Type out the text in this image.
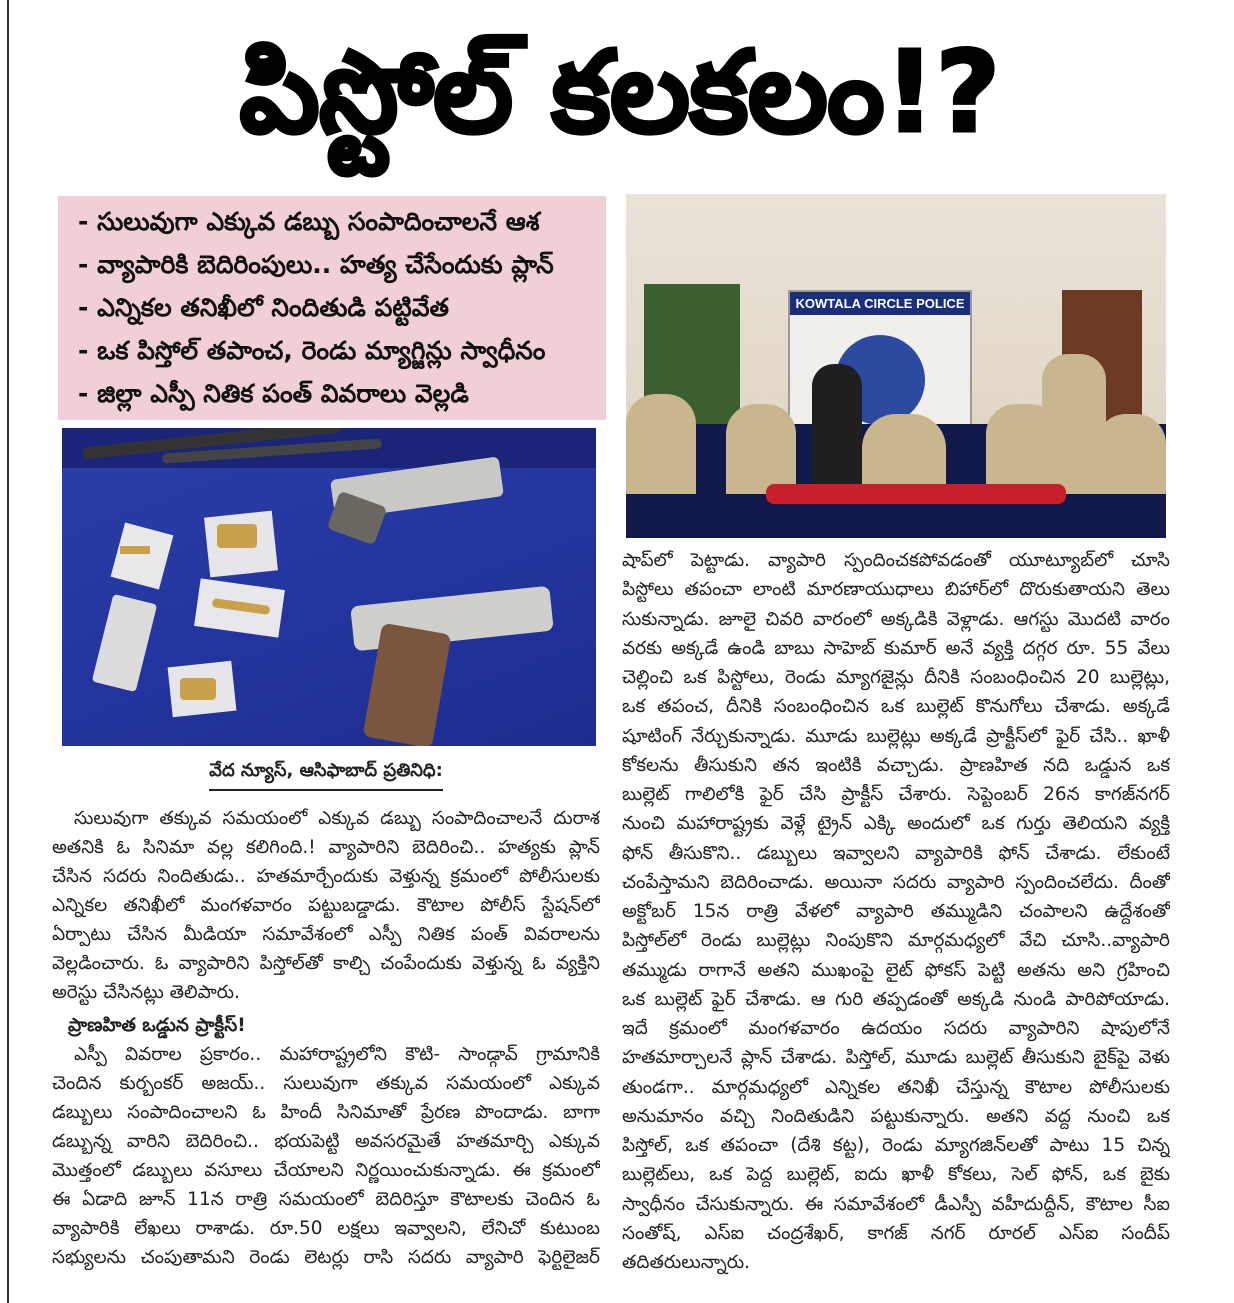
పిస్టోల్ కలకలం!?
- సులువుగా ఎక్కువ డబ్బు సంపాదించాలనే ఆశ
- వ్యాపారికి బెదిరింపులు.. హత్య చేసేందుకు ప్లాన్
- ఎన్నికల తనిఖీలో నిందితుడి పట్టివేత
- ఒక పిస్తోల్ తపాంచ, రెండు మ్యాగ్జిన్లు స్వాధీనం
- జిల్లా ఎస్పీ నితిక పంత్ వివరాలు వెల్లడి
KOWTALA CIRCLE POLICE
వేద న్యూస్, ఆసిఫాబాద్ ప్రతినిధి:
సులువుగా తక్కువ సమయంలో ఎక్కువ డబ్బు సంపాదించాలనే దురాశ
అతనికి ఓ సినిమా వల్ల కలిగింది.! వ్యాపారిని బెదిరించి.. హత్యకు ప్లాన్
చేసిన సదరు నిందితుడు.. హతమార్చేందుకు వెళ్తున్న క్రమంలో పోలీసులకు
ఎన్నికల తనిఖీలో మంగళవారం పట్టుబడ్డాడు. కౌటాల పోలీస్ స్టేషన్‌లో
ఏర్పాటు చేసిన మీడియా సమావేశంలో ఎస్పీ నితిక పంత్ వివరాలను
వెల్లడించారు. ఓ వ్యాపారిని పిస్తోల్‌తో కాల్చి చంపేందుకు వెళ్తున్న ఓ వ్యక్తిని
అరెస్టు చేసినట్లు తెలిపారు.
ప్రాణహిత ఒడ్డున ప్రాక్టీస్!
ఎస్పీ వివరాల ప్రకారం.. మహారాష్ట్రలోని కౌటి- సాండ్గావ్ గ్రామానికి
చెందిన కుర్బంకర్ అజయ్.. సులువుగా తక్కువ సమయంలో ఎక్కువ
డబ్బులు సంపాదించాలని ఓ హిందీ సినిమాతో ప్రేరణ పొందాడు. బాగా
డబ్బున్న వారిని బెదిరించి.. భయపెట్టి అవసరమైతే హతమార్చి ఎక్కువ
మొత్తంలో డబ్బులు వసూలు చేయాలని నిర్ణయించుకున్నాడు. ఈ క్రమంలో
ఈ ఏడాది జూన్ 11న రాత్రి సమయంలో బెదిరిస్తూ కౌటాలకు చెందిన ఓ
వ్యాపారికి లేఖలు రాశాడు. రూ.50 లక్షలు ఇవ్వాలని, లేనిచో కుటుంబ
సభ్యులను చంపుతామని రెండు లెటర్లు రాసి సదరు వ్యాపారి ఫెర్టిలైజర్
షాప్‌లో పెట్టాడు. వ్యాపారి స్పందించకపోవడంతో యూట్యూబ్‌లో చూసి
పిస్టోలు తపంచా లాంటి మారణాయుధాలు బిహార్‌లో దొరుకుతాయని తెలు
సుకున్నాడు. జూలై చివరి వారంలో అక్కడికి వెళ్లాడు. ఆగస్టు మొదటి వారం
వరకు అక్కడే ఉండి బాబు సాహెబ్ కుమార్ అనే వ్యక్తి దగ్గర రూ. 55 వేలు
చెల్లించి ఒక పిస్టోలు, రెండు మ్యాగజైన్లు దీనికి సంబంధించిన 20 బుల్లెట్లు,
ఒక తపంచ, దీనికి సంబంధించిన ఒక బుల్లెట్ కొనుగోలు చేశాడు. అక్కడే
షూటింగ్ నేర్చుకున్నాడు. మూడు బుల్లెట్లు అక్కడే ప్రాక్టీస్‌లో ఫైర్ చేసి.. ఖాళీ
కోకలను తీసుకుని తన ఇంటికి వచ్చాడు. ప్రాణహిత నది ఒడ్డున ఒక
బుల్లెట్ గాలిలోకి ఫైర్ చేసి ప్రాక్టీస్ చేశారు. సెప్టెంబర్ 26న కాగజ్‌నగర్
నుంచి మహారాష్ట్రకు వెళ్లే ట్రైన్ ఎక్కి అందులో ఒక గుర్తు తెలియని వ్యక్తి
ఫోన్ తీసుకొని.. డబ్బులు ఇవ్వాలని వ్యాపారికి ఫోన్ చేశాడు. లేకుంటే
చంపేస్తామని బెదిరించాడు. అయినా సదరు వ్యాపారి స్పందించలేదు. దీంతో
అక్టోబర్ 15న రాత్రి వేళలో వ్యాపారి తమ్ముడిని చంపాలని ఉద్దేశంతో
పిస్తోల్‌లో రెండు బుల్లెట్లు నింపుకొని మార్గమధ్యలో వేచి చూసి..వ్యాపారి
తమ్ముడు రాగానే అతని ముఖంపై లైట్ ఫోకస్ పెట్టి అతను అని గ్రహించి
ఒక బుల్లెట్ ఫైర్ చేశాడు. ఆ గురి తప్పడంతో అక్కడి నుండి పారిపోయాడు.
ఇదే క్రమంలో మంగళవారం ఉదయం సదరు వ్యాపారిని షాపులోనే
హతమార్చాలనే ప్లాన్ చేశాడు. పిస్తోల్, మూడు బుల్లెట్ తీసుకుని బైక్‌పై వెళు
తుండగా.. మార్గమధ్యలో ఎన్నికల తనిఖీ చేస్తున్న కౌటాల పోలీసులకు
అనుమానం వచ్చి నిందితుడిని పట్టుకున్నారు. అతని వద్ద నుంచి ఒక
పిస్తోల్, ఒక తపంచా (దేశి కట్ట), రెండు మ్యాగజిన్‌లతో పాటు 15 చిన్న
బుల్లెట్‌లు, ఒక పెద్ద బుల్లెట్, ఐదు ఖాళీ కోకలు, సెల్ ఫోన్, ఒక బైకు
స్వాధీనం చేసుకున్నారు. ఈ సమావేశంలో డీఎస్పీ వహీదుద్దీన్, కౌటాల సీఐ
సంతోష్, ఎస్ఐ చంద్రశేఖర్, కాగజ్ నగర్ రూరల్ ఎస్ఐ సందీప్
తదితరులున్నారు.
